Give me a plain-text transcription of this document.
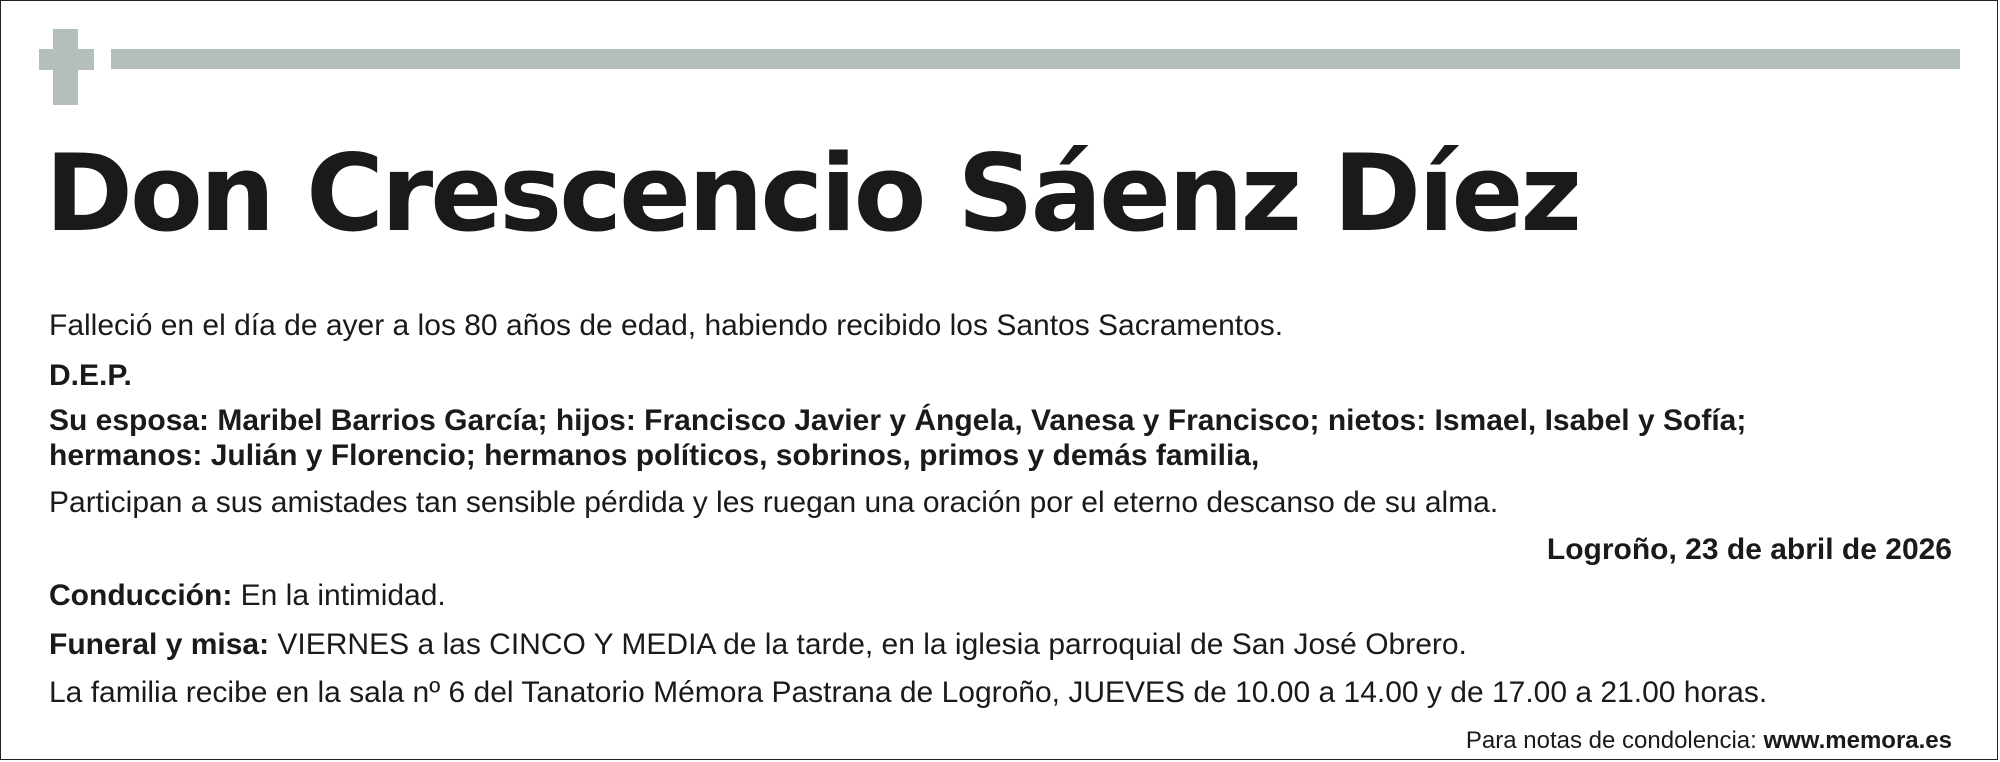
Don Crescencio Sáenz Díez
Falleció en el día de ayer a los 80 años de edad, habiendo recibido los Santos Sacramentos.
D.E.P.
Su esposa: Maribel Barrios García; hijos: Francisco Javier y Ángela, Vanesa y Francisco; nietos: Ismael, Isabel y Sofía;
hermanos: Julián y Florencio; hermanos políticos, sobrinos, primos y demás familia,
Participan a sus amistades tan sensible pérdida y les ruegan una oración por el eterno descanso de su alma.
Logroño, 23 de abril de 2026
Conducción: En la intimidad.
Funeral y misa: VIERNES a las CINCO Y MEDIA de la tarde, en la iglesia parroquial de San José Obrero.
La familia recibe en la sala nº 6 del Tanatorio Mémora Pastrana de Logroño, JUEVES de 10.00 a 14.00 y de 17.00 a 21.00 horas.
Para notas de condolencia: www.memora.es
